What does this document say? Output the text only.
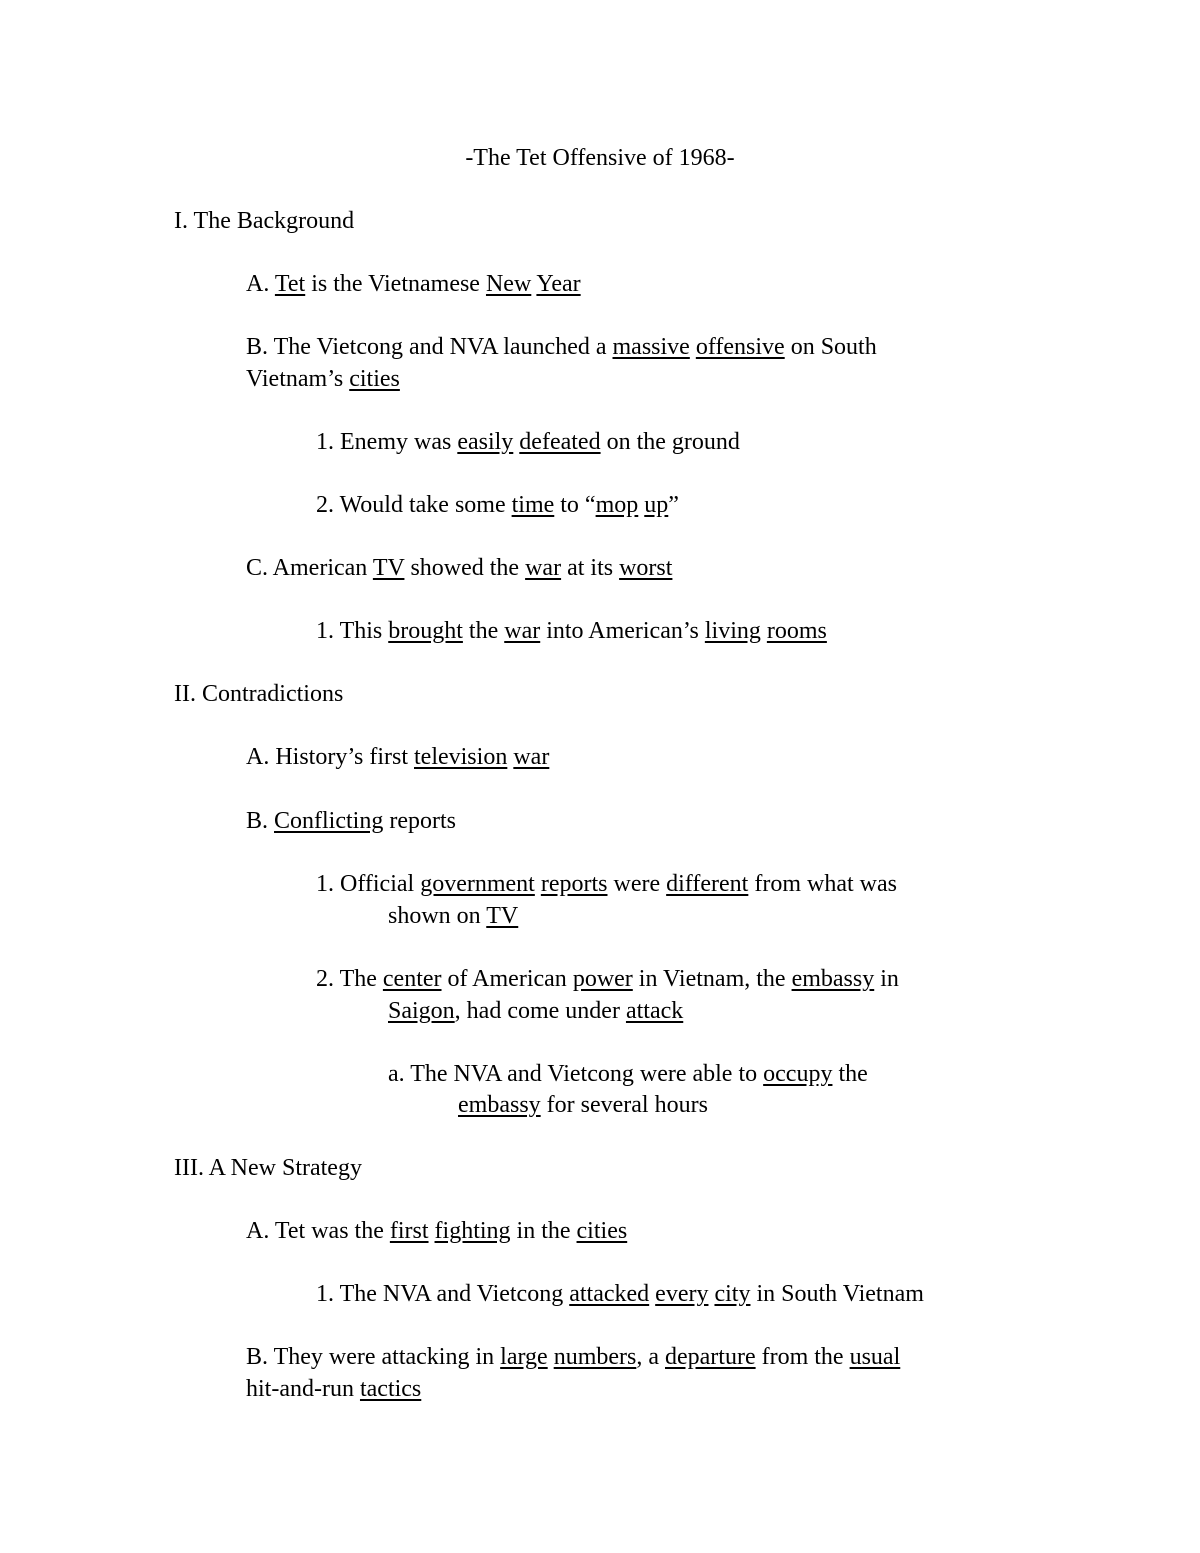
-The Tet Offensive of 1968-
I. The Background
A. Tet is the Vietnamese New Year
B. The Vietcong and NVA launched a massive offensive on South
Vietnam’s cities
1. Enemy was easily defeated on the ground
2. Would take some time to “mop up”
C. American TV showed the war at its worst
1. This brought the war into American’s living rooms
II. Contradictions
A. History’s first television war
B. Conflicting reports
1. Official government reports were different from what was
shown on TV
2. The center of American power in Vietnam, the embassy in
Saigon, had come under attack
a. The NVA and Vietcong were able to occupy the
embassy for several hours
III. A New Strategy
A. Tet was the first fighting in the cities
1. The NVA and Vietcong attacked every city in South Vietnam
B. They were attacking in large numbers, a departure from the usual
hit-and-run tactics
